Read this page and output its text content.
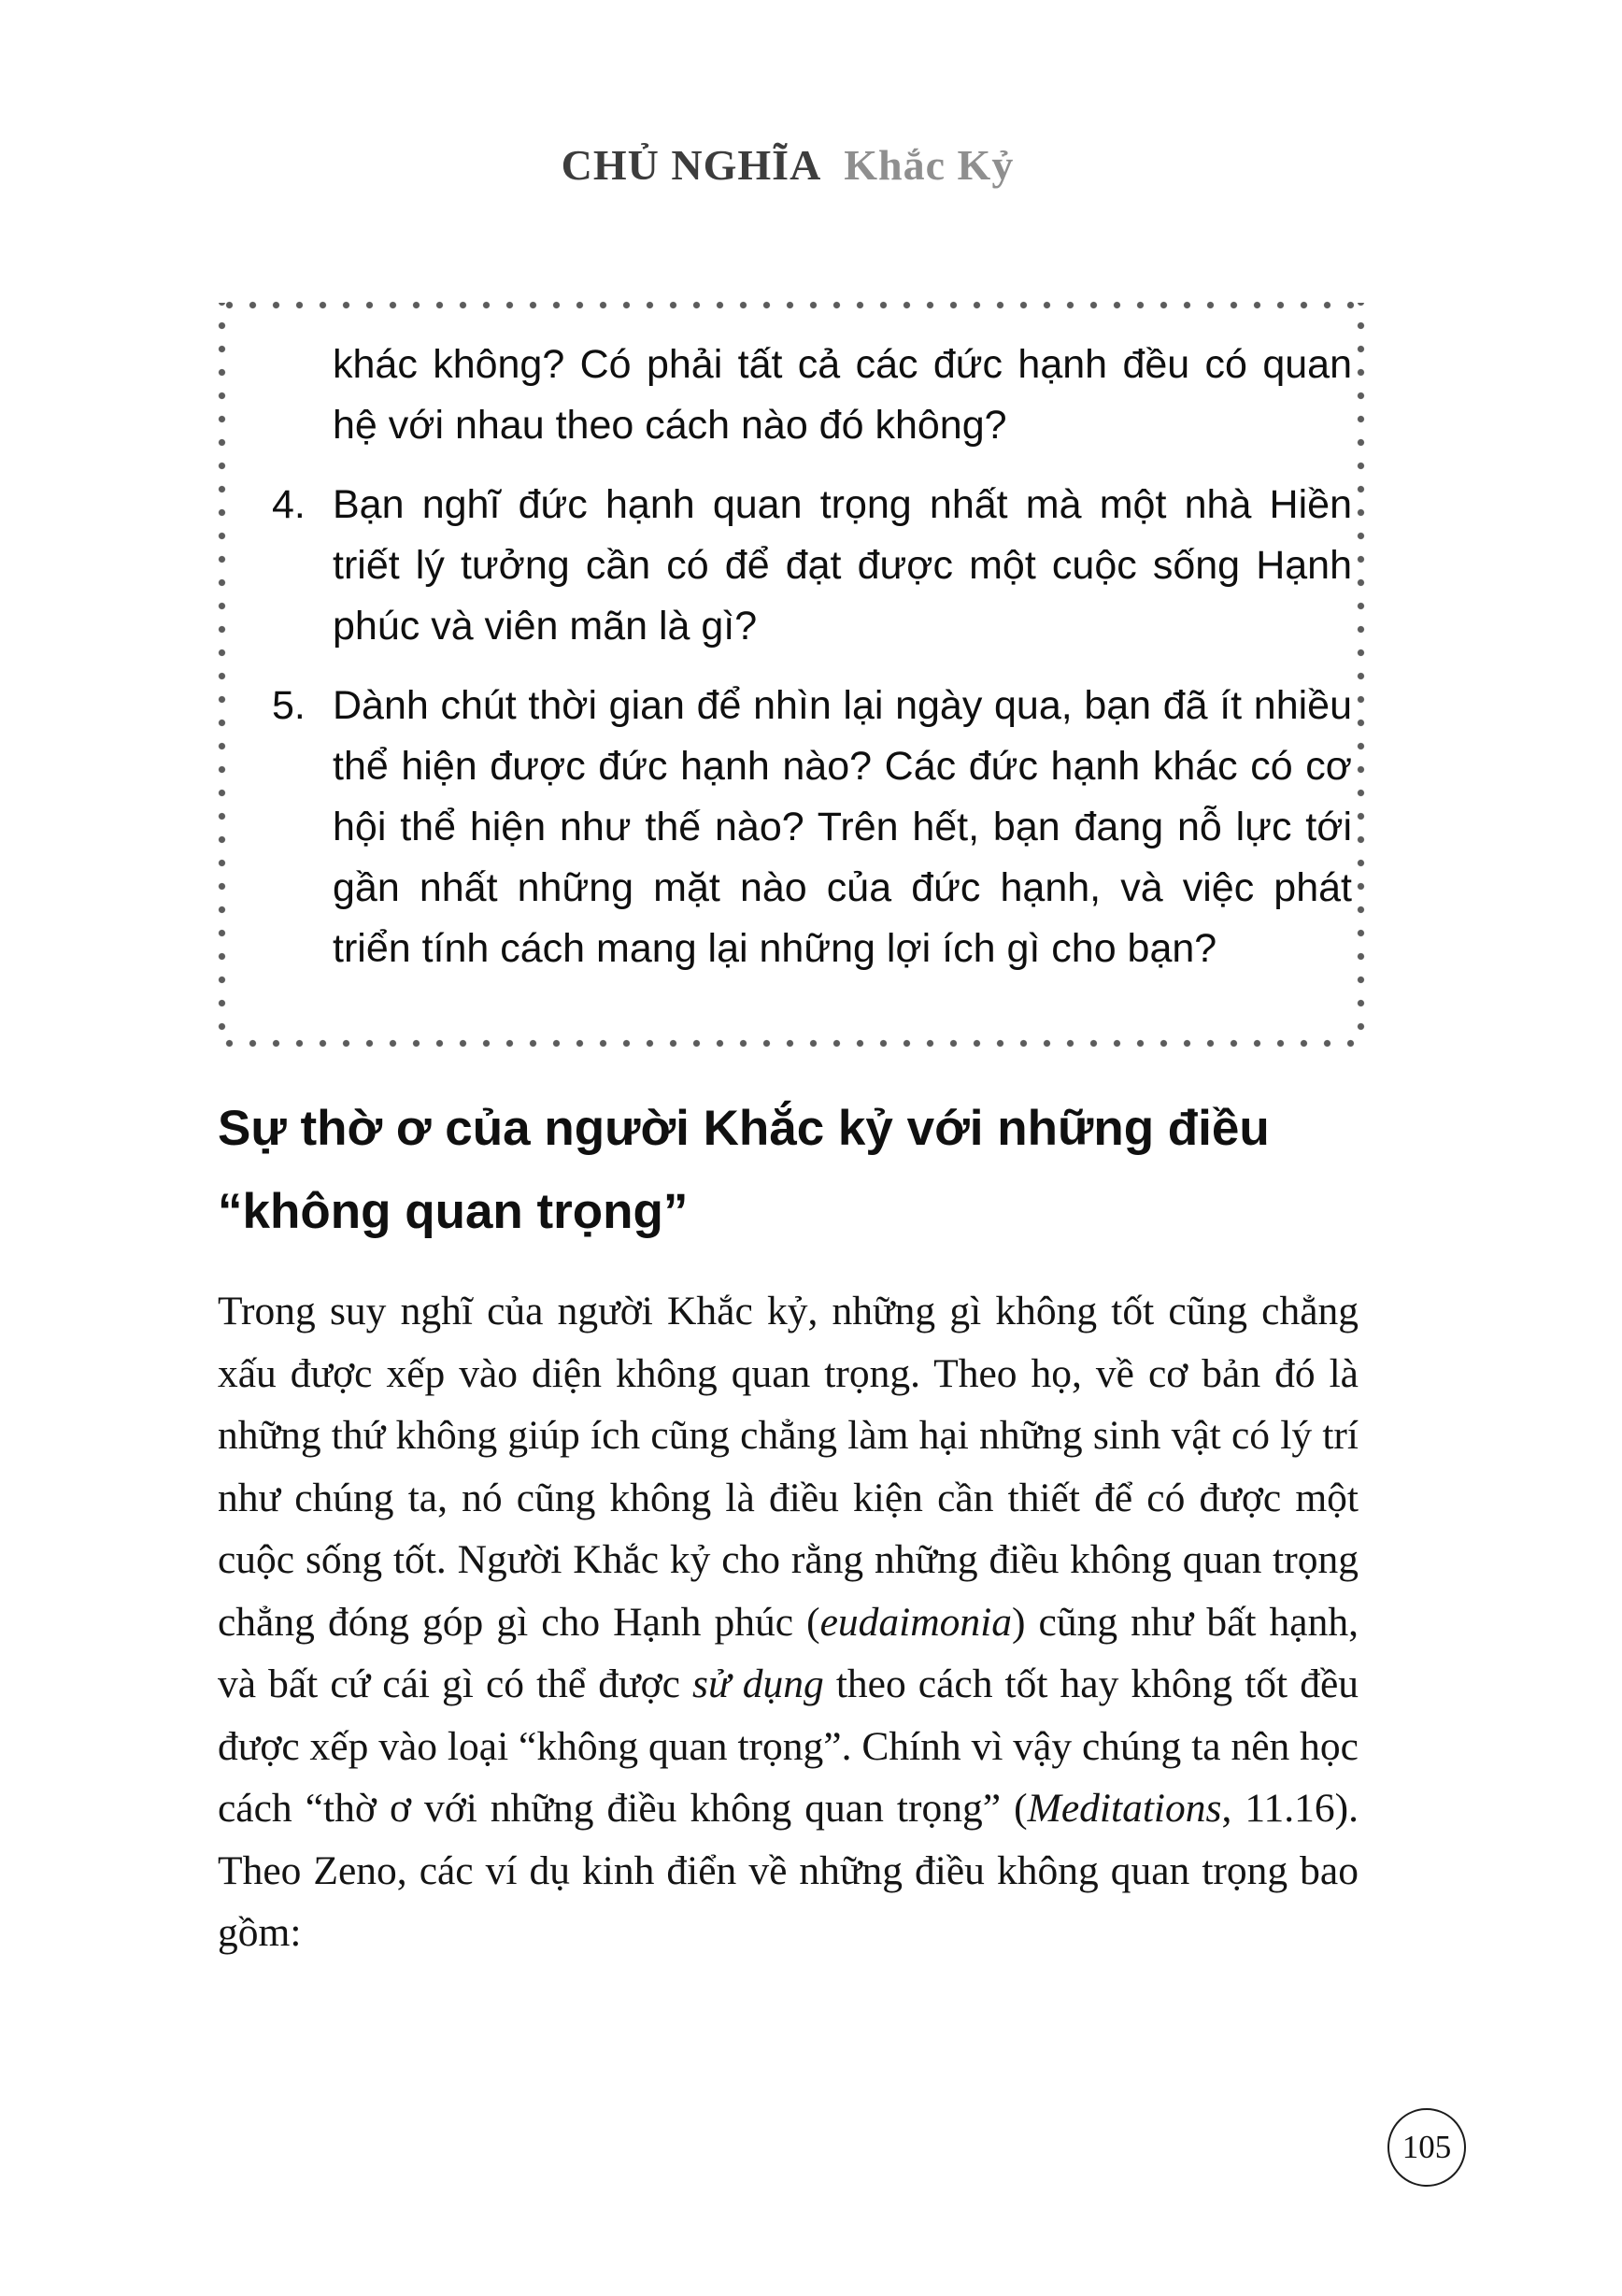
CHỦ NGHĨA Khắc Kỷ

khác không? Có phải tất cả các đức hạnh đều có quan hệ với nhau theo cách nào đó không?

4. Bạn nghĩ đức hạnh quan trọng nhất mà một nhà Hiền triết lý tưởng cần có để đạt được một cuộc sống Hạnh phúc và viên mãn là gì?
5. Dành chút thời gian để nhìn lại ngày qua, bạn đã ít nhiều thể hiện được đức hạnh nào? Các đức hạnh khác có cơ hội thể hiện như thế nào? Trên hết, bạn đang nỗ lực tới gần nhất những mặt nào của đức hạnh, và việc phát triển tính cách mang lại những lợi ích gì cho bạn?
Sự thờ ơ của người Khắc kỷ với những điều
“không quan trọng”

Trong suy nghĩ của người Khắc kỷ, những gì không tốt cũng chẳng xấu được xếp vào diện không quan trọng. Theo họ, về cơ bản đó là những thứ không giúp ích cũng chẳng làm hại những sinh vật có lý trí như chúng ta, nó cũng không là điều kiện cần thiết để có được một cuộc sống tốt. Người Khắc kỷ cho rằng những điều không quan trọng chẳng đóng góp gì cho Hạnh phúc (eudaimonia) cũng như bất hạnh, và bất cứ cái gì có thể được sử dụng theo cách tốt hay không tốt đều được xếp vào loại “không quan trọng”. Chính vì vậy chúng ta nên học cách “thờ ơ với những điều không quan trọng” (Meditations, 11.16). Theo Zeno, các ví dụ kinh điển về những điều không quan trọng bao gồm:

105
